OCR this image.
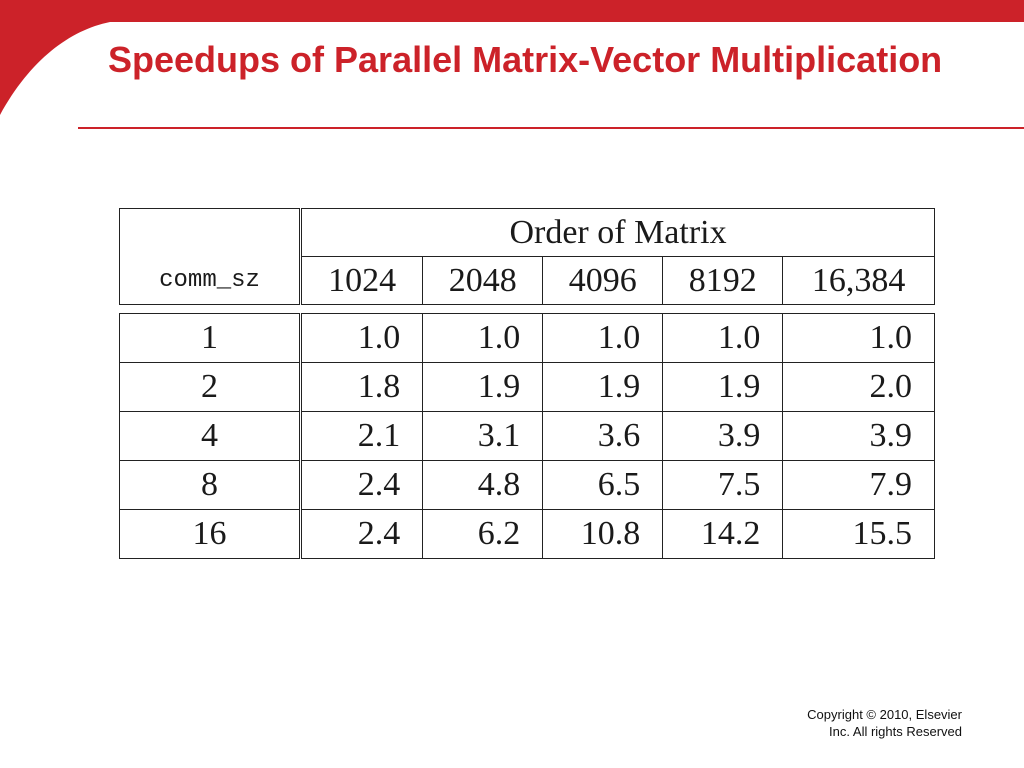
Speedups of Parallel Matrix-Vector Multiplication
comm_sz	Order of Matrix				
	1024	2048	4096	8192	16,384
1	1.0	1.0	1.0	1.0	1.0
2	1.8	1.9	1.9	1.9	2.0
4	2.1	3.1	3.6	3.9	3.9
8	2.4	4.8	6.5	7.5	7.9
16	2.4	6.2	10.8	14.2	15.5
Copyright © 2010, Elsevier
Inc. All rights Reserved
